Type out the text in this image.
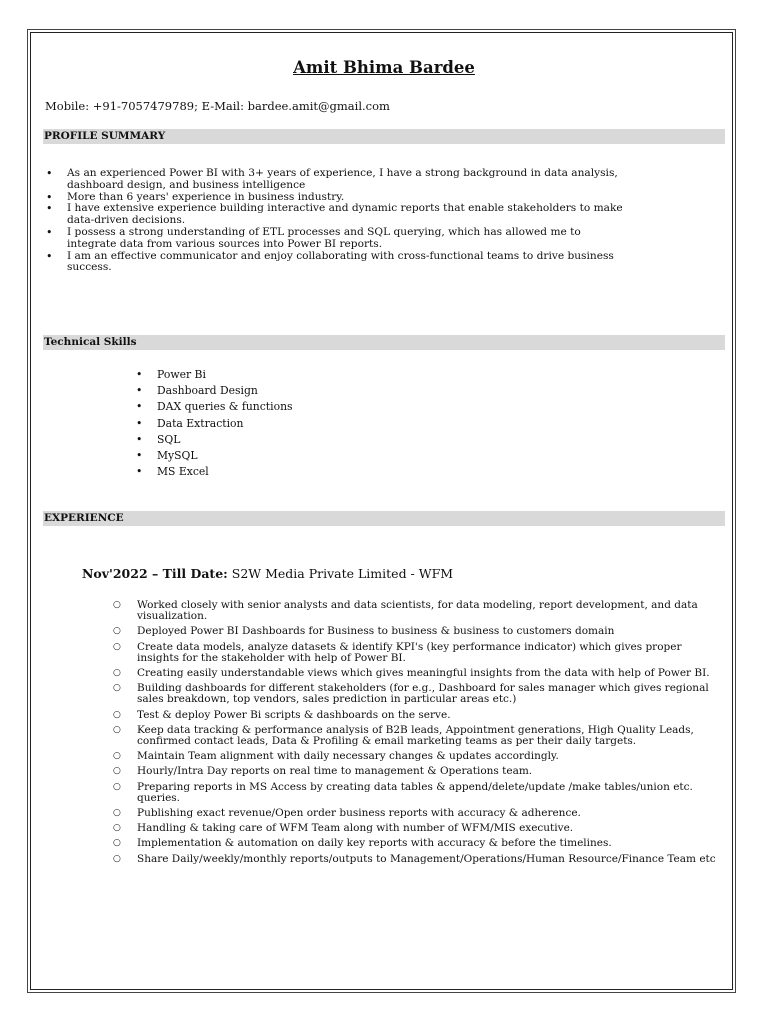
Amit Bhima Bardee
Mobile: +91-7057479789; E-Mail: bardee.amit@gmail.com
PROFILE SUMMARY
• As an experienced Power BI with 3+ years of experience, I have a strong background in data analysis, dashboard design, and business intelligence
• More than 6 years' experience in business industry.
• I have extensive experience building interactive and dynamic reports that enable stakeholders to make data-driven decisions.
• I possess a strong understanding of ETL processes and SQL querying, which has allowed me to integrate data from various sources into Power BI reports.
• I am an effective communicator and enjoy collaborating with cross-functional teams to drive business success.
Technical Skills
• Power Bi
• Dashboard Design
• DAX queries & functions
• Data Extraction
• SQL
• MySQL
• MS Excel
EXPERIENCE
Nov'2022 – Till Date: S2W Media Private Limited - WFM
○ Worked closely with senior analysts and data scientists, for data modeling, report development, and data visualization.
○ Deployed Power BI Dashboards for Business to business & business to customers domain
○ Create data models, analyze datasets & identify KPI's (key performance indicator) which gives proper insights for the stakeholder with help of Power BI.
○ Creating easily understandable views which gives meaningful insights from the data with help of Power BI.
○ Building dashboards for different stakeholders (for e.g., Dashboard for sales manager which gives regional sales breakdown, top vendors, sales prediction in particular areas etc.)
○ Test & deploy Power Bi scripts & dashboards on the serve.
○ Keep data tracking & performance analysis of B2B leads, Appointment generations, High Quality Leads, confirmed contact leads, Data & Profiling & email marketing teams as per their daily targets.
○ Maintain Team alignment with daily necessary changes & updates accordingly.
○ Hourly/Intra Day reports on real time to management & Operations team.
○ Preparing reports in MS Access by creating data tables & append/delete/update /make tables/union etc. queries.
○ Publishing exact revenue/Open order business reports with accuracy & adherence.
○ Handling & taking care of WFM Team along with number of WFM/MIS executive.
○ Implementation & automation on daily key reports with accuracy & before the timelines.
○ Share Daily/weekly/monthly reports/outputs to Management/Operations/Human Resource/Finance Team etc
